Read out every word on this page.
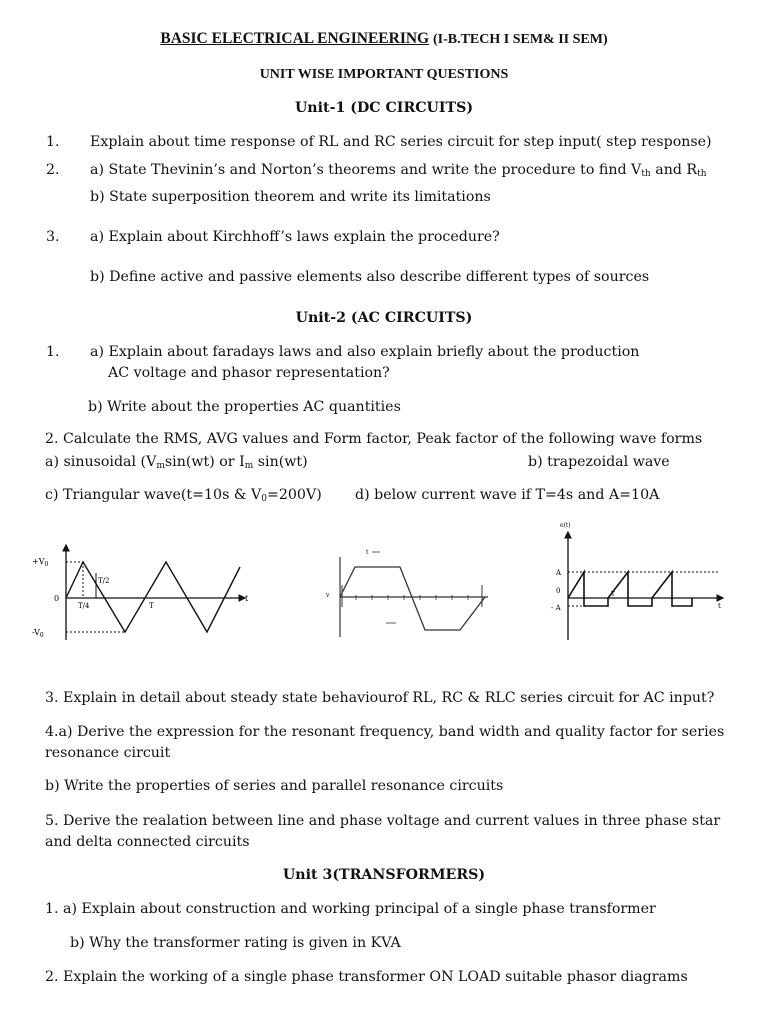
BASIC ELECTRICAL ENGINEERING (I-B.TECH I SEM& II SEM)
UNIT WISE IMPORTANT QUESTIONS
Unit-1 (DC CIRCUITS)
1. Explain about time response of RL and RC series circuit for step input( step response)
2. a) State Thevinin’s and Norton’s theorems and write the procedure to find $V_{th}$ and $R_{th}$
b) State superposition theorem and write its limitations
3. a) Explain about Kirchhoff’s laws explain the procedure?
b) Define active and passive elements also describe different types of sources
Unit-2 (AC CIRCUITS)
1. a) Explain about faradays laws and also explain briefly about the production
AC voltage and phasor representation?
b) Write about the properties AC quantities
2. Calculate the RMS, AVG values and Form factor, Peak factor of the following wave forms
a) sinusoidal ($V_m\sin(wt)$ or $I_m$ sin(wt)	b) trapezoidal wave
c) Triangular wave(t=10s & $V_0=200V$) d) below current wave if T=4s and A=10A
$+V_0$
0
$-V_0$
T/2
T/4	T
t
t
v
e(t)
A
0
- A
T
t
3. Explain in detail about steady state behaviourof RL, RC & RLC series circuit for AC input?
4.a) Derive the expression for the resonant frequency, band width and quality factor for series
resonance circuit
b) Write the properties of series and parallel resonance circuits
5. Derive the realation between line and phase voltage and current values in three phase star
and delta connected circuits
Unit 3(TRANSFORMERS)
1. a) Explain about construction and working principal of a single phase transformer
b) Why the transformer rating is given in KVA
2. Explain the working of a single phase transformer ON LOAD suitable phasor diagrams
